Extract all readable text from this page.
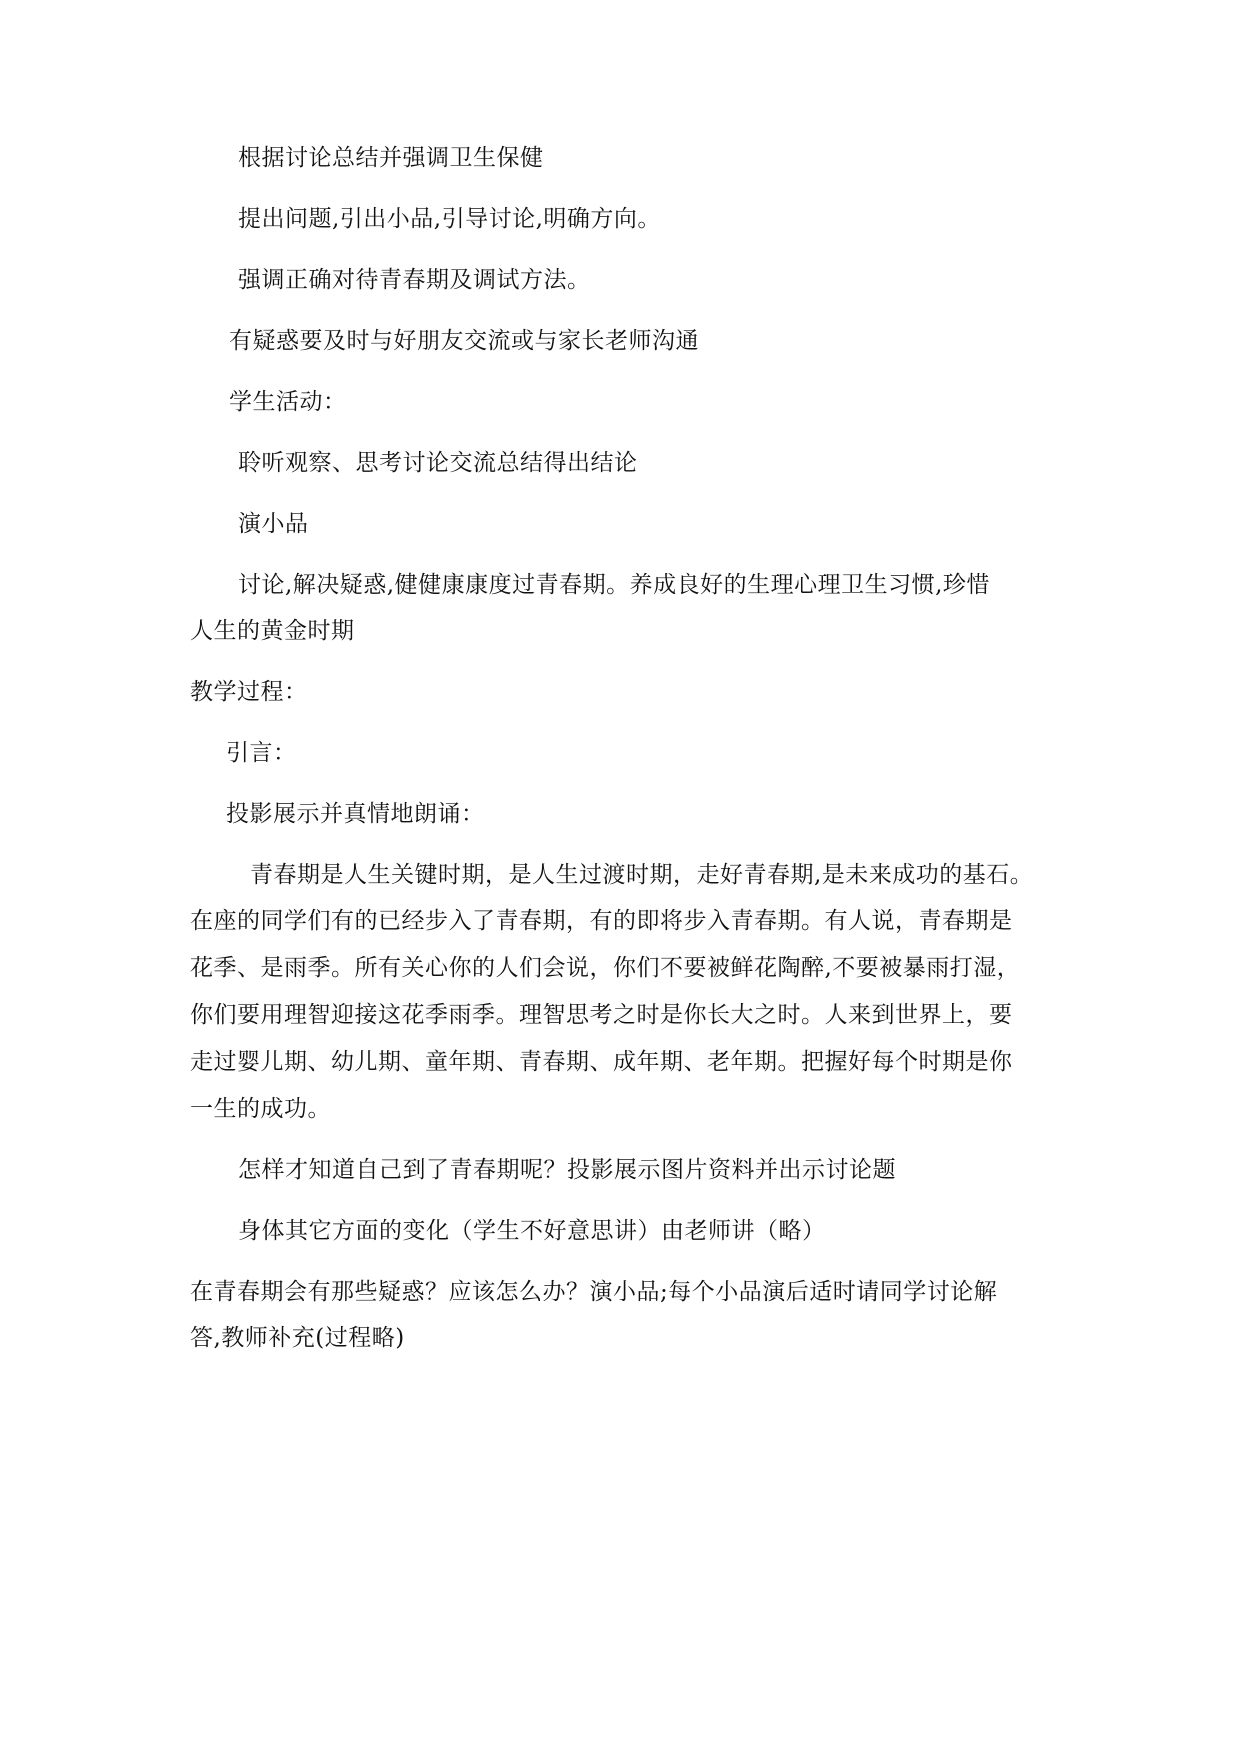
根据讨论总结并强调卫生保健
提出问题,引出小品,引导讨论,明确方向。
强调正确对待青春期及调试方法。
有疑惑要及时与好朋友交流或与家长老师沟通
学生活动：
聆听观察、思考讨论交流总结得出结论
演小品
讨论,解决疑惑,健健康康度过青春期。养成良好的生理心理卫生习惯,珍惜
人生的黄金时期
教学过程：
引言：
投影展示并真情地朗诵：
青春期是人生关键时期，是人生过渡时期，走好青春期,是未来成功的基石。
在座的同学们有的已经步入了青春期，有的即将步入青春期。有人说，青春期是
花季、是雨季。所有关心你的人们会说，你们不要被鲜花陶醉,不要被暴雨打湿，
你们要用理智迎接这花季雨季。理智思考之时是你长大之时。人来到世界上，要
走过婴儿期、幼儿期、童年期、青春期、成年期、老年期。把握好每个时期是你
一生的成功。
怎样才知道自己到了青春期呢？投影展示图片资料并出示讨论题
身体其它方面的变化（学生不好意思讲）由老师讲（略）
在青春期会有那些疑惑？应该怎么办？演小品;每个小品演后适时请同学讨论解
答,教师补充(过程略)
